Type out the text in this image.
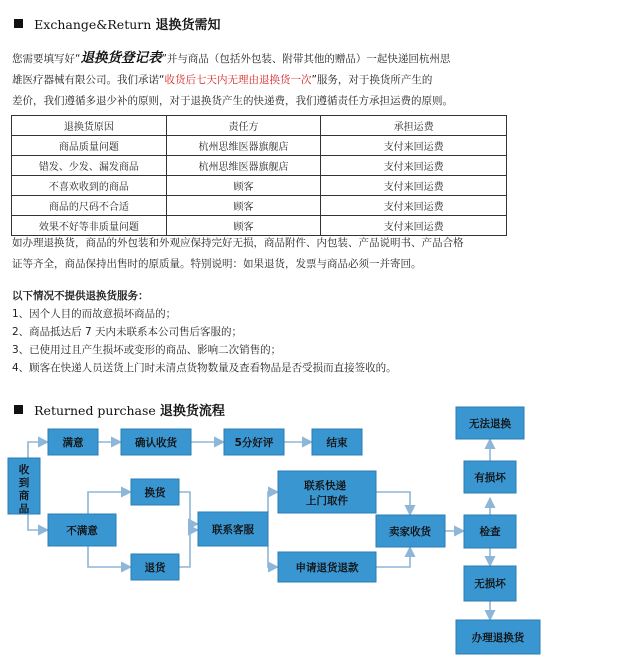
Exchange&Return 退换货需知
您需要填写好“退换货登记表”并与商品（包括外包装、附带其他的赠品）一起快递回杭州思
雄医疗器械有限公司。我们承诺“收货后七天内无理由退换货一次”服务，对于换货所产生的
差价，我们遵循多退少补的原则，对于退换货产生的快递费，我们遵循责任方承担运费的原则。
退换货原因	责任方	承担运费
商品质量问题	杭州思维医器旗舰店	支付来回运费
错发、少发、漏发商品	杭州思维医器旗舰店	支付来回运费
不喜欢收到的商品	顾客	支付来回运费
商品的尺码不合适	顾客	支付来回运费
效果不好等非质量问题	顾客	支付来回运费
如办理退换货，商品的外包装和外观应保持完好无损，商品附件、内包装、产品说明书、产品合格
证等齐全，商品保持出售时的原质量。特别说明：如果退货，发票与商品必须一并寄回。
以下情况不提供退换货服务：
1、因个人目的而故意损坏商品的；
2、商品抵达后 7 天内未联系本公司售后客服的；
3、已使用过且产生损坏或变形的商品、影响二次销售的；
4、顾客在快递人员送货上门时未清点货物数量及查看物品是否受损而直接签收的。
Returned purchase 退换货流程
收到商品
满意	确认收货	5分好评	结束
不满意
换货
退货
联系客服
联系快递 上门取件
申请退货退款
卖家收货	检查
有损坏
无法退换
无损坏
办理退换货
